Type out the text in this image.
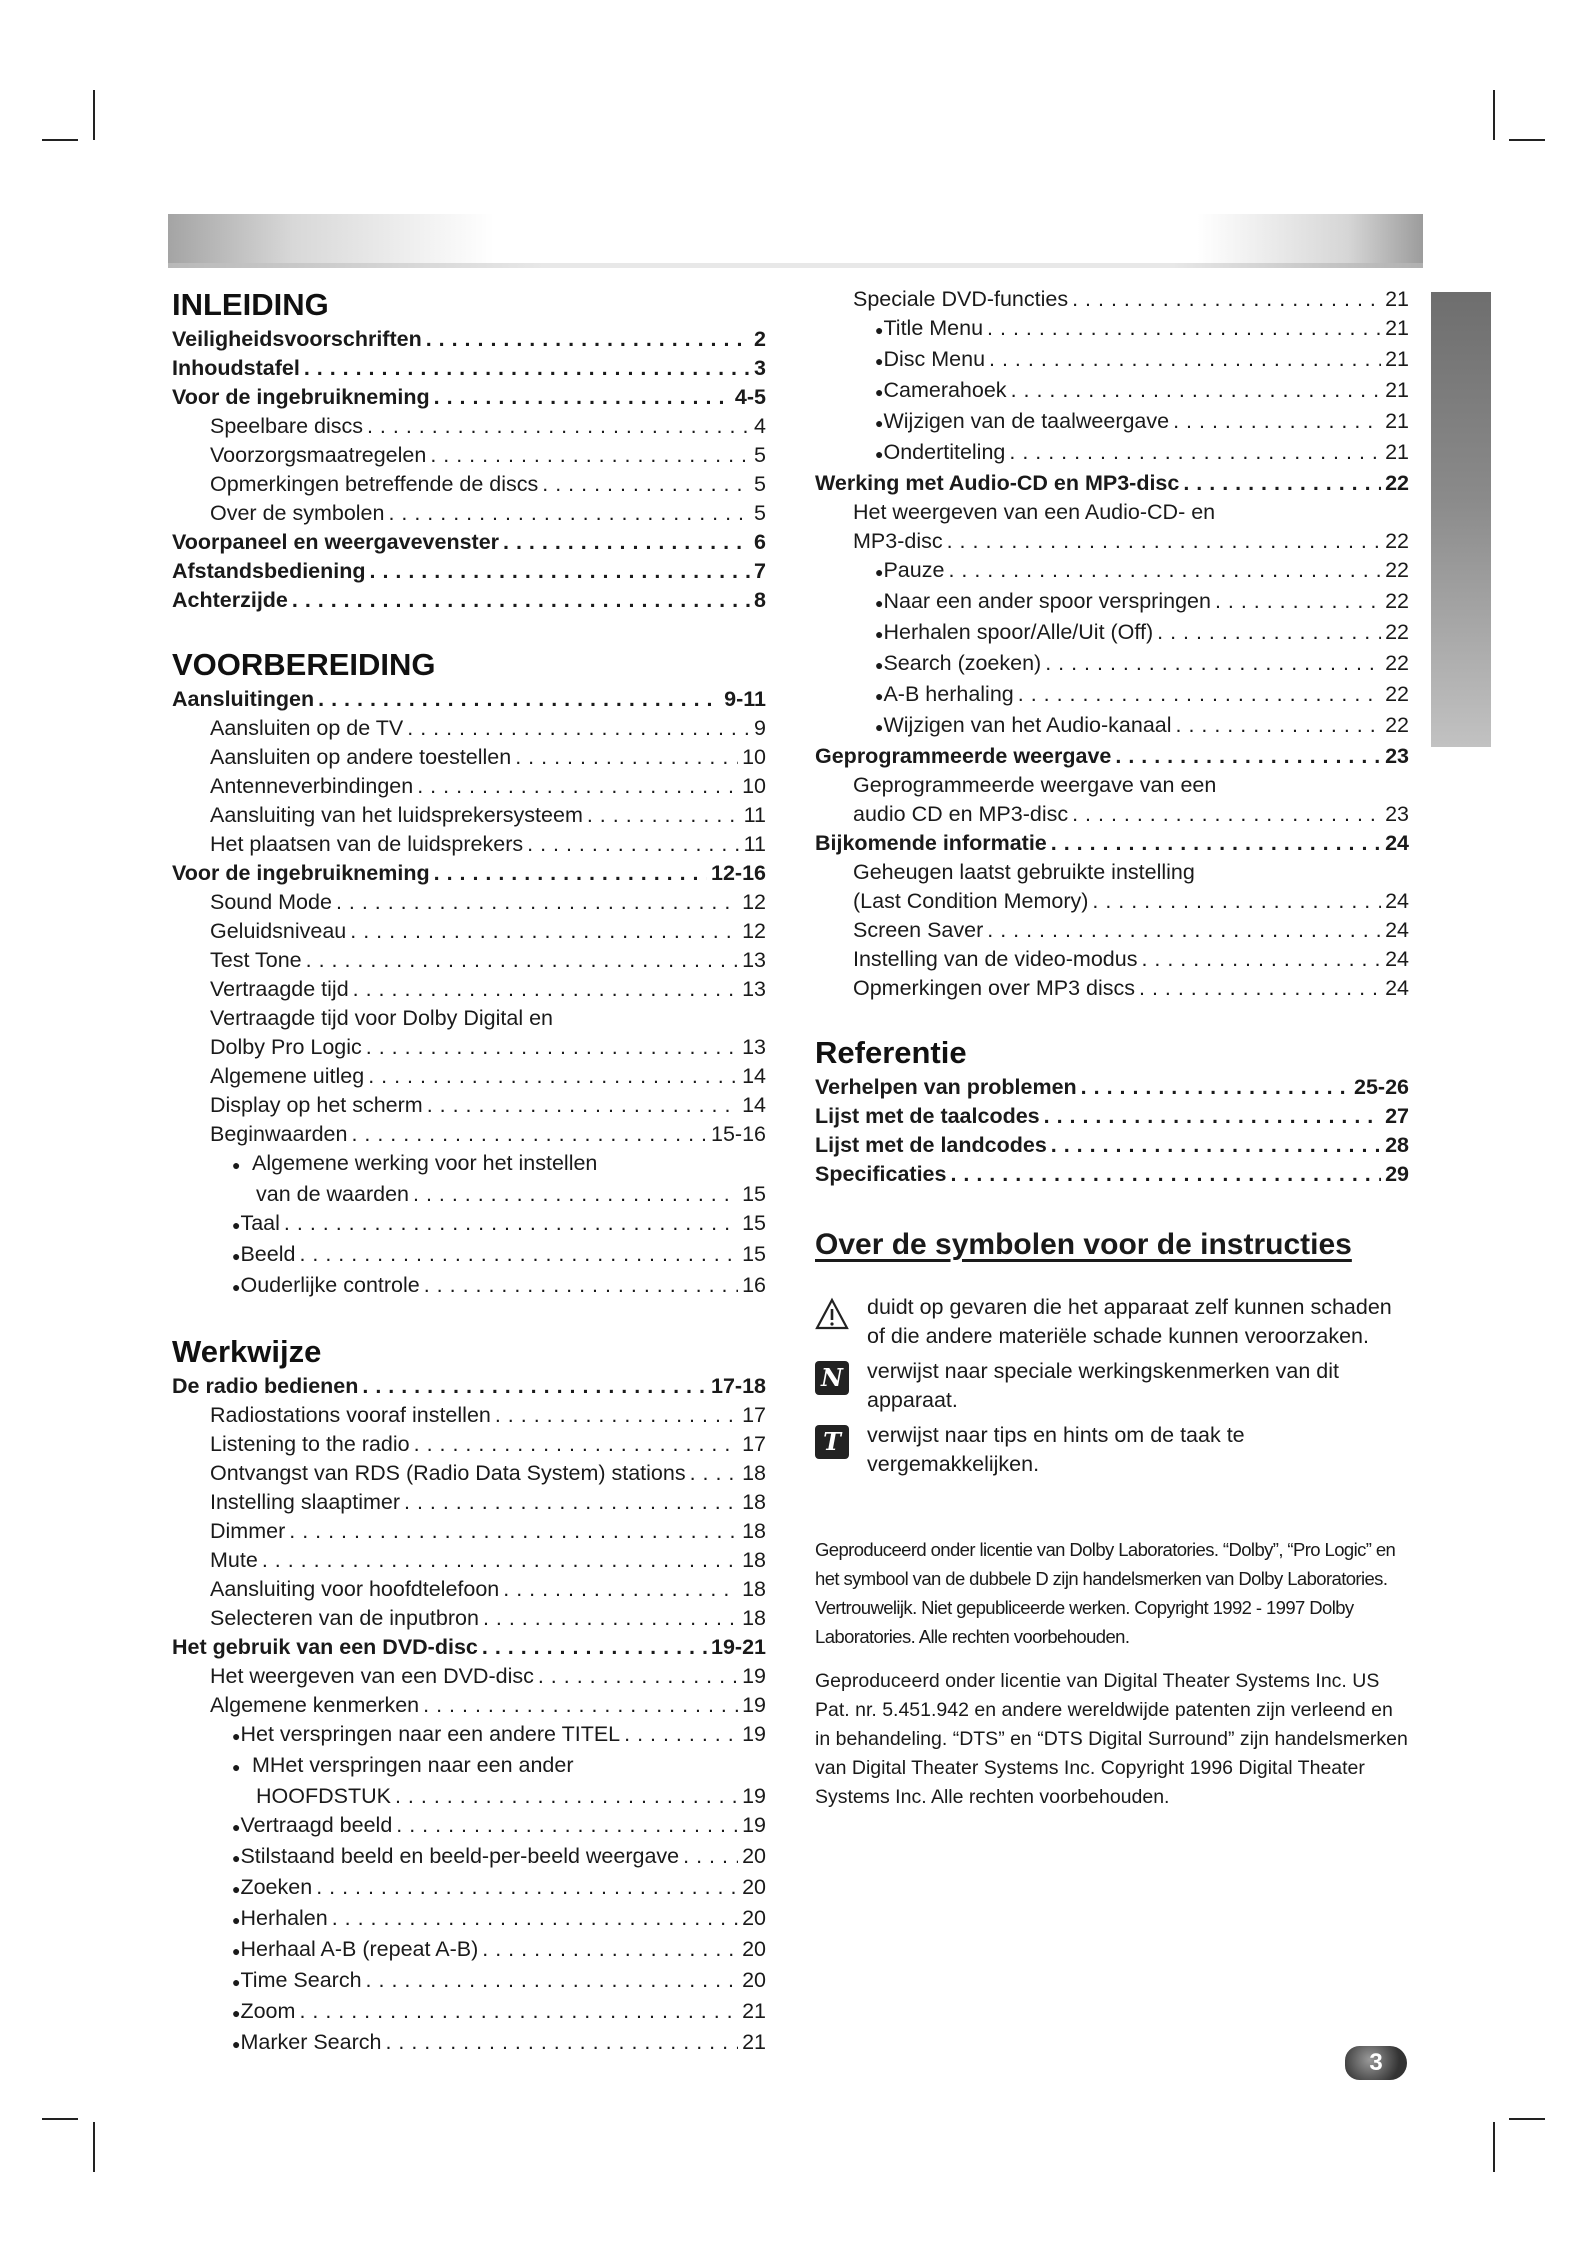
INLEIDING
Veiligheidsvoorschriften . . .	2
Inhoudstafel . . .	3
Voor de ingebruikneming . . .	4-5
Speelbare discs . . .	4
Voorzorgsmaatregelen . . .	5
Opmerkingen betreffende de discs . . .	5
Over de symbolen . . .	5
Voorpaneel en weergavevenster . . .	6
Afstandsbediening . . .	7
Achterzijde . . .	8
VOORBEREIDING
Aansluitingen . . .	9-11
Aansluiten op de TV . . .	9
Aansluiten op andere toestellen . . .	10
Antenneverbindingen . . .	10
Aansluiting van het luidsprekersysteem . . .	11
Het plaatsen van de luidsprekers . . .	11
Voor de ingebruikneming . . .	12-16
Sound Mode . . .	12
Geluidsniveau . . .	12
Test Tone . . .	13
Vertraagde tijd . . .	13
Vertraagde tijd voor Dolby Digital en
Dolby Pro Logic . . .	13
Algemene uitleg . . .	14
Display op het scherm . . .	14
Beginwaarden . . .	15-16
● Algemene werking voor het instellen
van de waarden . . .	15
● Taal . . .	15
● Beeld . . .	15
● Ouderlijke controle . . .	16
Werkwijze
De radio bedienen . . .	17-18
Radiostations vooraf instellen . . .	17
Listening to the radio . . .	17
Ontvangst van RDS (Radio Data System) stations . . .	18
Instelling slaaptimer . . .	18
Dimmer . . .	18
Mute . . .	18
Aansluiting voor hoofdtelefoon . . .	18
Selecteren van de inputbron . . .	18
Het gebruik van een DVD-disc . . .	19-21
Het weergeven van een DVD-disc . . .	19
Algemene kenmerken . . .	19
● Het verspringen naar een andere TITEL . . .	19
● MHet verspringen naar een ander
HOOFDSTUK . . .	19
● Vertraagd beeld . . .	19
● Stilstaand beeld en beeld-per-beeld weergave . . .	20
● Zoeken . . .	20
● Herhalen . . .	20
● Herhaal A-B (repeat A-B) . . .	20
● Time Search . . .	20
● Zoom . . .	21
● Marker Search . . .	21
Speciale DVD-functies . . .	21
● Title Menu . . .	21
● Disc Menu . . .	21
● Camerahoek . . .	21
● Wijzigen van de taalweergave . . .	21
● Ondertiteling . . .	21
Werking met Audio-CD en MP3-disc . . .	22
Het weergeven van een Audio-CD- en
MP3-disc . . .	22
● Pauze . . .	22
● Naar een ander spoor verspringen . . .	22
● Herhalen spoor/Alle/Uit (Off) . . .	22
● Search (zoeken) . . .	22
● A-B herhaling . . .	22
● Wijzigen van het Audio-kanaal . . .	22
Geprogrammeerde weergave . . .	23
Geprogrammeerde weergave van een
audio CD en MP3-disc . . .	23
Bijkomende informatie . . .	24
Geheugen laatst gebruikte instelling
(Last Condition Memory) . . .	24
Screen Saver . . .	24
Instelling van de video-modus . . .	24
Opmerkingen over MP3 discs . . .	24
Referentie
Verhelpen van problemen . . .	25-26
Lijst met de taalcodes . . .	27
Lijst met de landcodes . . .	28
Specificaties . . .	29
Over de symbolen voor de instructies
duidt op gevaren die het apparaat zelf kunnen schaden of die andere materiële schade kunnen veroorzaken.
N verwijst naar speciale werkingskenmerken van dit apparaat.
T	verwijst naar tips en hints om de taak te vergemakkelijken.
Geproduceerd onder licentie van Dolby Laboratories. “Dolby”, “Pro Logic” en het symbool van de dubbele D zijn handelsmerken van Dolby Laboratories. Vertrouwelijk. Niet gepubliceerde werken. Copyright 1992 - 1997 Dolby Laboratories. Alle rechten voorbehouden.
Geproduceerd onder licentie van Digital Theater Systems Inc. US Pat. nr. 5.451.942 en andere wereldwijde patenten zijn verleend en in behandeling. “DTS” en “DTS Digital Surround” zijn handelsmerken van Digital Theater Systems Inc. Copyright 1996 Digital Theater Systems Inc. Alle rechten voorbehouden.
3
